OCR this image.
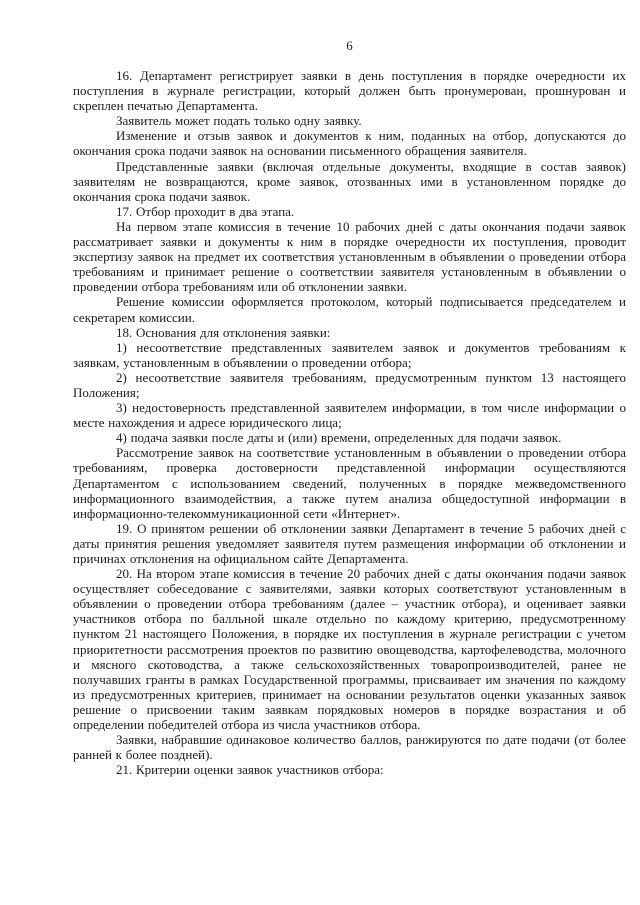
6

16. Департамент регистрирует заявки в день поступления в порядке очередности их поступления в журнале регистрации, который должен быть пронумерован, прошнурован и скреплен печатью Департамента.

Заявитель может подать только одну заявку.

Изменение и отзыв заявок и документов к ним, поданных на отбор, допускаются до окончания срока подачи заявок на основании письменного обращения заявителя.

Представленные заявки (включая отдельные документы, входящие в состав заявок) заявителям не возвращаются, кроме заявок, отозванных ими в установленном порядке до окончания срока подачи заявок.

17. Отбор проходит в два этапа.

На первом этапе комиссия в течение 10 рабочих дней с даты окончания подачи заявок рассматривает заявки и документы к ним в порядке очередности их поступления, проводит экспертизу заявок на предмет их соответствия установленным в объявлении о проведении отбора требованиям и принимает решение о соответствии заявителя установленным в объявлении о проведении отбора требованиям или об отклонении заявки.

Решение комиссии оформляется протоколом, который подписывается председателем и секретарем комиссии.

18. Основания для отклонения заявки:

1) несоответствие представленных заявителем заявок и документов требованиям к заявкам, установленным в объявлении о проведении отбора;

2) несоответствие заявителя требованиям, предусмотренным пунктом 13 настоящего Положения;

3) недостоверность представленной заявителем информации, в том числе информации о месте нахождения и адресе юридического лица;

4) подача заявки после даты и (или) времени, определенных для подачи заявок.

Рассмотрение заявок на соответствие установленным в объявлении о проведении отбора требованиям, проверка достоверности представленной информации осуществляются Департаментом с использованием сведений, полученных в порядке межведомственного информационного взаимодействия, а также путем анализа общедоступной информации в информационно-телекоммуникационной сети «Интернет».

19. О принятом решении об отклонении заявки Департамент в течение 5 рабочих дней с даты принятия решения уведомляет заявителя путем размещения информации об отклонении и причинах отклонения на официальном сайте Департамента.

20. На втором этапе комиссия в течение 20 рабочих дней с даты окончания подачи заявок осуществляет собеседование с заявителями, заявки которых соответствуют установленным в объявлении о проведении отбора требованиям (далее – участник отбора), и оценивает заявки участников отбора по балльной шкале отдельно по каждому критерию, предусмотренному пунктом 21 настоящего Положения, в порядке их поступления в журнале регистрации с учетом приоритетности рассмотрения проектов по развитию овощеводства, картофелеводства, молочного и мясного скотоводства, а также сельскохозяйственных товаропроизводителей, ранее не получавших гранты в рамках Государственной программы, присваивает им значения по каждому из предусмотренных критериев, принимает на основании результатов оценки указанных заявок решение о присвоении таким заявкам порядковых номеров в порядке возрастания и об определении победителей отбора из числа участников отбора.

Заявки, набравшие одинаковое количество баллов, ранжируются по дате подачи (от более ранней к более поздней).

21. Критерии оценки заявок участников отбора:
